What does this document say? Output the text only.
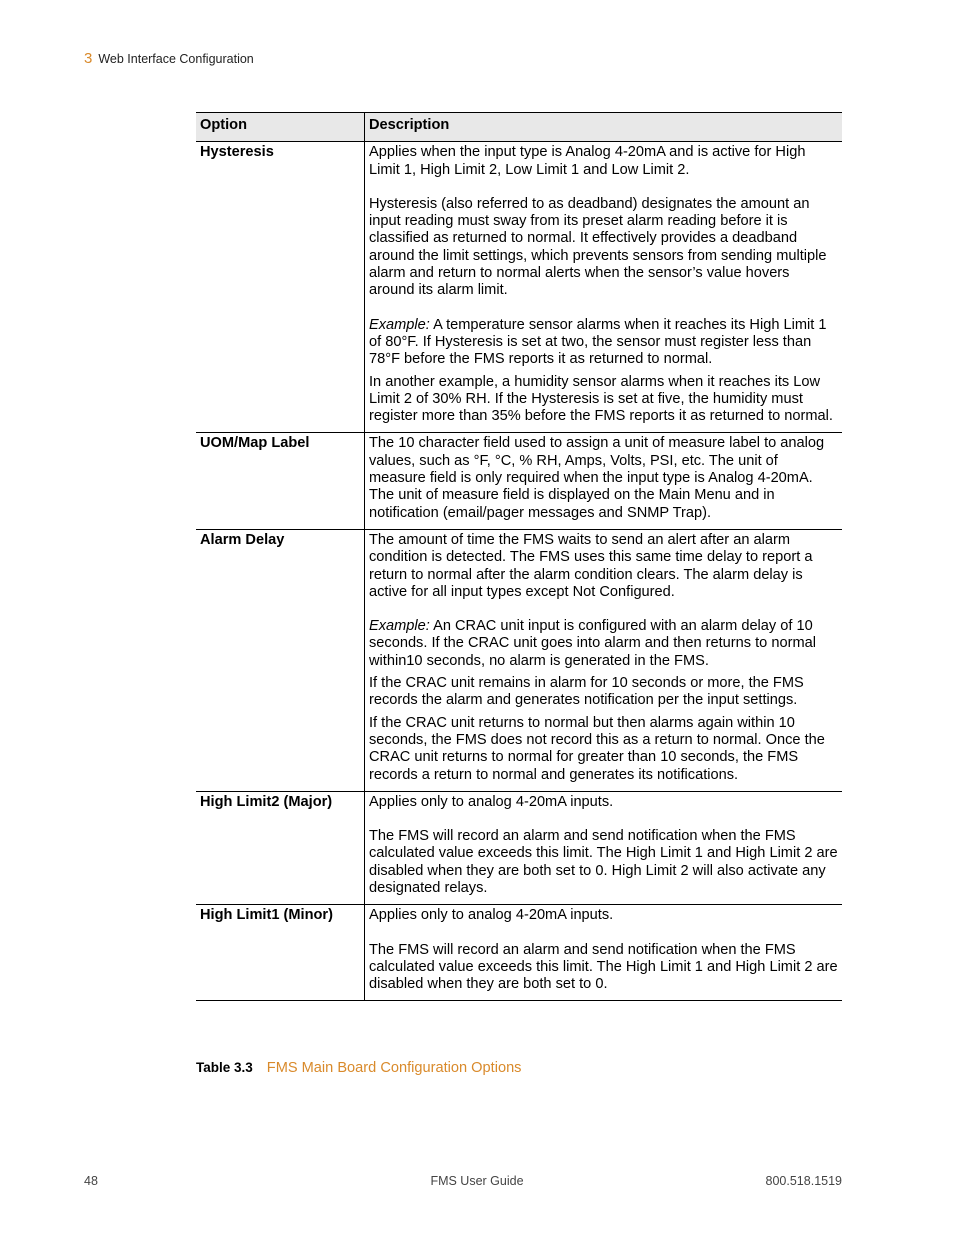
3 Web Interface Configuration
Option	Description
Hysteresis	Applies when the input type is Analog 4-20mA and is active for High Limit 1, High Limit 2, Low Limit 1 and Low Limit 2.
Hysteresis (also referred to as deadband) designates the amount an input reading must sway from its preset alarm reading before it is classified as returned to normal. It effectively provides a deadband around the limit settings, which prevents sensors from sending multiple alarm and return to normal alerts when the sensor’s value hovers around its alarm limit.
Example: A temperature sensor alarms when it reaches its High Limit 1 of 80°F. If Hysteresis is set at two, the sensor must register less than 78°F before the FMS reports it as returned to normal.
In another example, a humidity sensor alarms when it reaches its Low Limit 2 of 30% RH. If the Hysteresis is set at five, the humidity must register more than 35% before the FMS reports it as returned to normal.

UOM/Map Label	The 10 character field used to assign a unit of measure label to analog values, such as °F, °C, % RH, Amps, Volts, PSI, etc. The unit of measure field is only required when the input type is Analog 4-20mA. The unit of measure field is displayed on the Main Menu and in notification (email/pager messages and SNMP Trap).

Alarm Delay	The amount of time the FMS waits to send an alert after an alarm condition is detected. The FMS uses this same time delay to report a return to normal after the alarm condition clears. The alarm delay is active for all input types except Not Configured.
Example: An CRAC unit input is configured with an alarm delay of 10 seconds. If the CRAC unit goes into alarm and then returns to normal within10 seconds, no alarm is generated in the FMS.
If the CRAC unit remains in alarm for 10 seconds or more, the FMS records the alarm and generates notification per the input settings.
If the CRAC unit returns to normal but then alarms again within 10 seconds, the FMS does not record this as a return to normal. Once the CRAC unit returns to normal for greater than 10 seconds, the FMS records a return to normal and generates its notifications.

High Limit2 (Major)	Applies only to analog 4-20mA inputs.
The FMS will record an alarm and send notification when the FMS calculated value exceeds this limit. The High Limit 1 and High Limit 2 are disabled when they are both set to 0. High Limit 2 will also activate any designated relays.

High Limit1 (Minor)	Applies only to analog 4-20mA inputs.
The FMS will record an alarm and send notification when the FMS calculated value exceeds this limit. The High Limit 1 and High Limit 2 are disabled when they are both set to 0.
Table 3.3 FMS Main Board Configuration Options
48	FMS User Guide	800.518.1519
